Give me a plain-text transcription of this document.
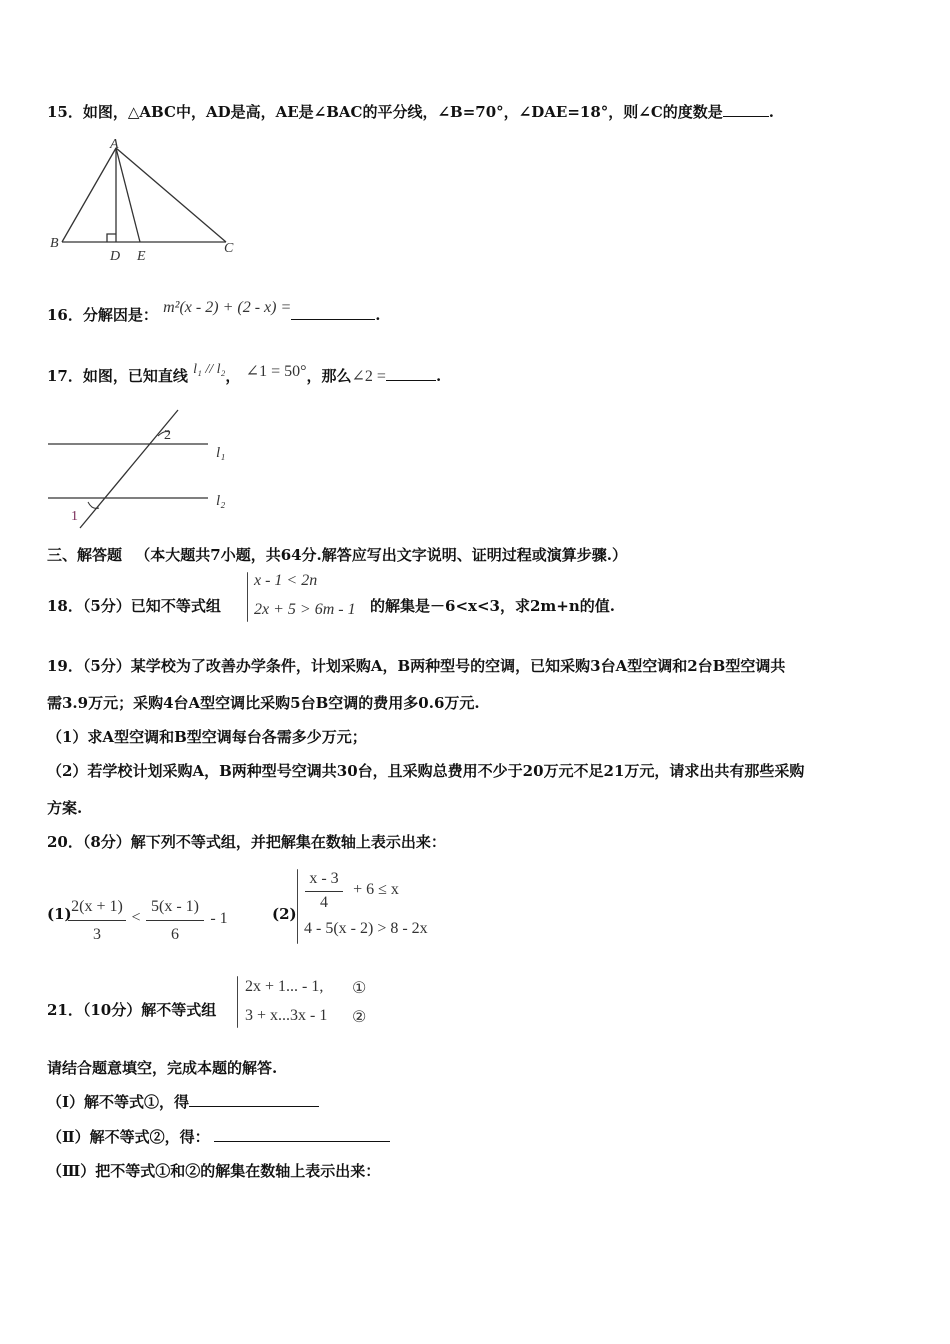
15．如图，△ABC中，AD是高，AE是∠BAC的平分线，∠B=70°，∠DAE=18°，则∠C的度数是	.
A
B	C
D E
16．分解因是： m²(x - 2) + (2 - x) =	.
17．如图，已知直线 l₁ // l₂， ∠1 = 50°，那么∠2 =	.
2
1
l₁
l₂
三、解答题 （本大题共7小题，共64分.解答应写出文字说明、证明过程或演算步骤.）
18．（5分）已知不等式组
x - 1 < 2n
2x + 5 > 6m - 1 的解集是－6<x<3，求2m+n的值.
19．（5分）某学校为了改善办学条件，计划采购A，B两种型号的空调，已知采购3台A型空调和2台B型空调共
需3.9万元；采购4台A型空调比采购5台B空调的费用多0.6万元.
（1）求A型空调和B型空调每台各需多少万元；
（2）若学校计划采购A，B两种型号空调共30台，且采购总费用不少于20万元不足21万元，请求出共有那些采购
方案.
20．（8分）解下列不等式组，并把解集在数轴上表示出来：
(1) 2(x + 1)
3
<
5(x - 1)
6
- 1	(2)
x - 3
4
+ 6 ≤ x
4 - 5(x - 2) > 8 - 2x
21．（10分）解不等式组
2x + 1... - 1, ①
3 + x...3x - 1 ②
请结合题意填空，完成本题的解答.
（I）解不等式①，得
（Ⅱ）解不等式②，得：
（Ⅲ）把不等式①和②的解集在数轴上表示出来：
